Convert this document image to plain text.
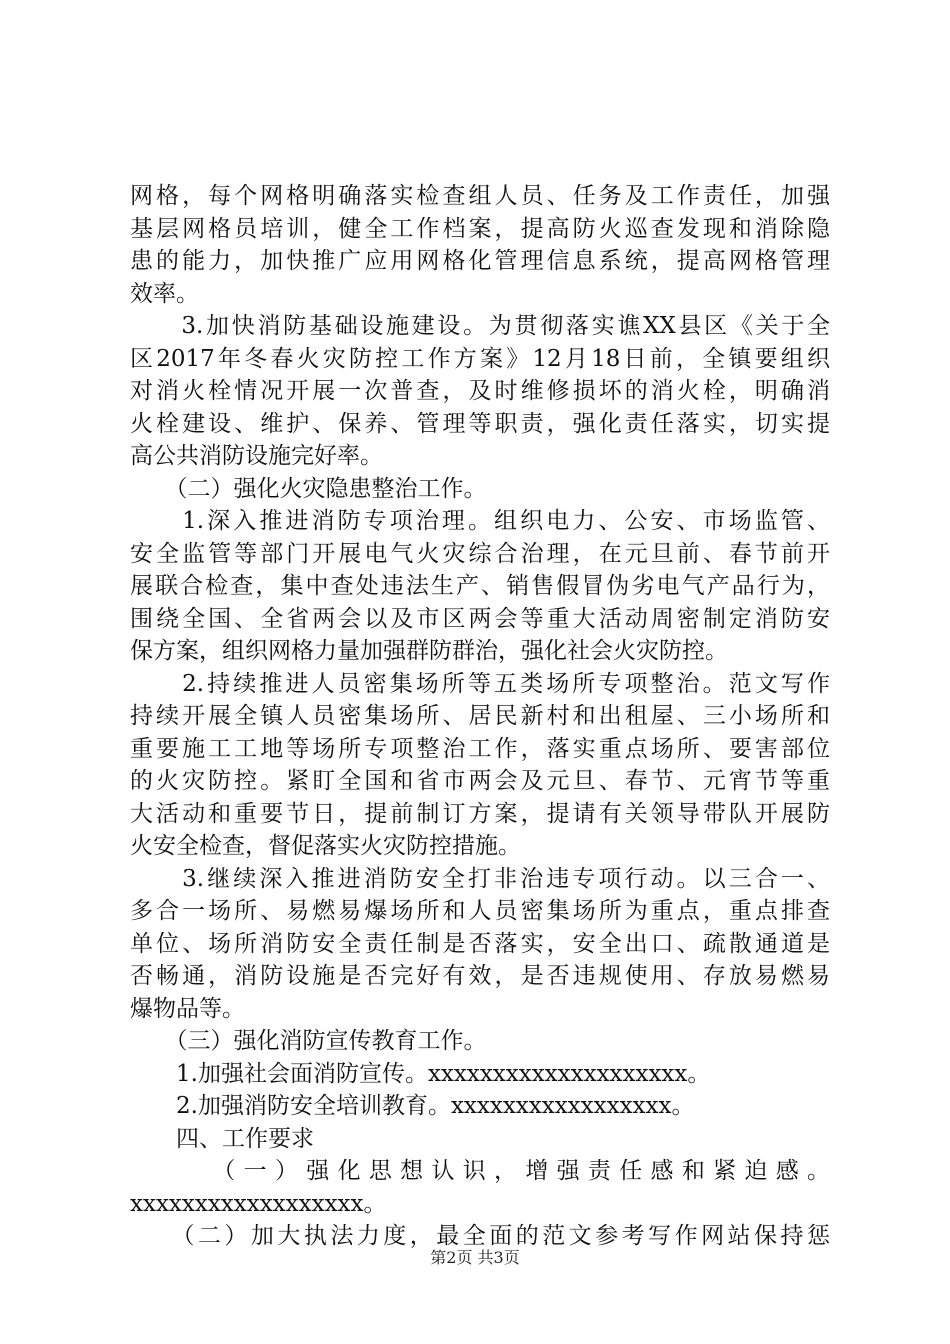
网格，每个网格明确落实检查组人员、任务及工作责任，加强
基层网格员培训，健全工作档案，提高防火巡查发现和消除隐
患的能力，加快推广应用网格化管理信息系统，提高网格管理
效率。
　　3.加快消防基础设施建设。为贯彻落实谯XX县区《关于全
区2017年冬春火灾防控工作方案》12月18日前，全镇要组织
对消火栓情况开展一次普查，及时维修损坏的消火栓，明确消
火栓建设、维护、保养、管理等职责，强化责任落实，切实提
高公共消防设施完好率。
　　（二）强化火灾隐患整治工作。
　　1.深入推进消防专项治理。组织电力、公安、市场监管、
安全监管等部门开展电气火灾综合治理，在元旦前、春节前开
展联合检查，集中查处违法生产、销售假冒伪劣电气产品行为，
围绕全国、全省两会以及市区两会等重大活动周密制定消防安
保方案，组织网格力量加强群防群治，强化社会火灾防控。
　　2.持续推进人员密集场所等五类场所专项整治。范文写作
持续开展全镇人员密集场所、居民新村和出租屋、三小场所和
重要施工工地等场所专项整治工作，落实重点场所、要害部位
的火灾防控。紧盯全国和省市两会及元旦、春节、元宵节等重
大活动和重要节日，提前制订方案，提请有关领导带队开展防
火安全检查，督促落实火灾防控措施。
　　3.继续深入推进消防安全打非治违专项行动。以三合一、
多合一场所、易燃易爆场所和人员密集场所为重点，重点排查
单位、场所消防安全责任制是否落实，安全出口、疏散通道是
否畅通，消防设施是否完好有效，是否违规使用、存放易燃易
爆物品等。
　　（三）强化消防宣传教育工作。
　　1.加强社会面消防宣传。xxxxxxxxxxxxxxxxxxxx。
　　2.加强消防安全培训教育。xxxxxxxxxxxxxxxxx。
　　四、工作要求
　　　（一）强化思想认识，增强责任感和紧迫感。
xxxxxxxxxxxxxxxxxx。
　　（二）加大执法力度，最全面的范文参考写作网站保持惩
第2页 共3页
